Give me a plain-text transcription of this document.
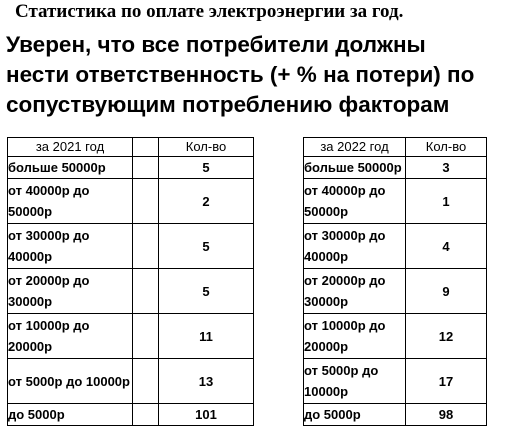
Статистика по оплате электроэнергии за год.
Уверен, что все потребители должны
нести ответственность (+ % на потери) по
сопуствующим потреблению факторам
за 2021 год		Кол-во
больше 50000р		5
от 40000р до 50000р		2
от 30000р до 40000р		5
от 20000р до 30000р		5
от 10000р до 20000р		11
от 5000р до 10000р		13
до 5000р		101
за 2022 год	Кол-во
больше 50000р	3
от 40000р до 50000р	1
от 30000р до 40000р	4
от 20000р до 30000р	9
от 10000р до 20000р	12
от 5000р до 10000р	17
до 5000р	98
